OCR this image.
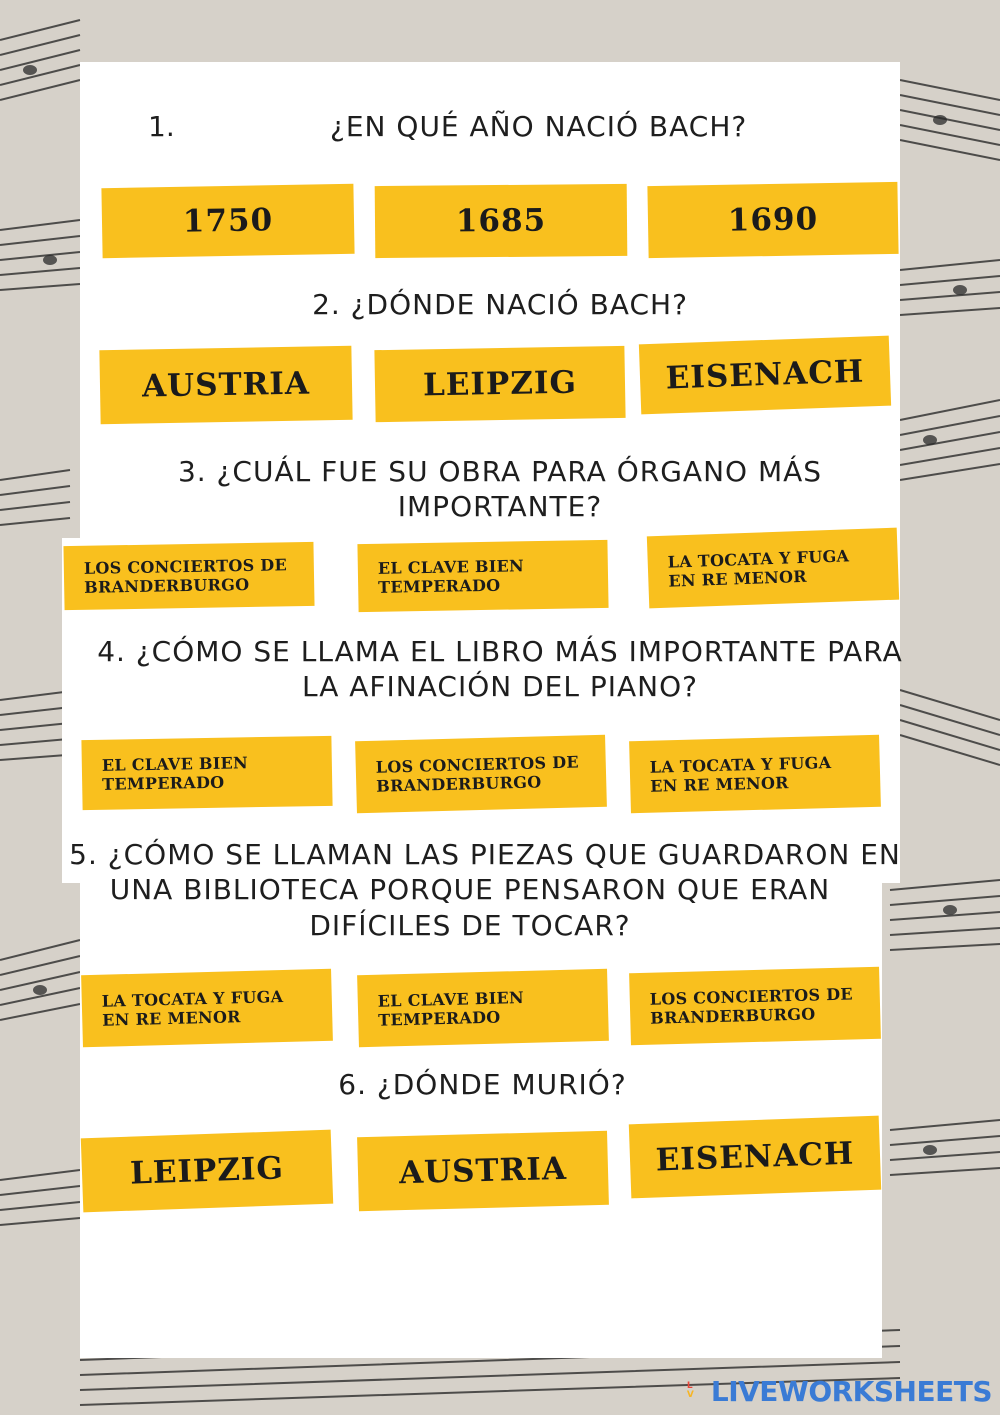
1.	¿EN QUÉ AÑO NACIÓ BACH?
1750	1685	1690
2. ¿DÓNDE NACIÓ BACH?
AUSTRIA	LEIPZIG	EISENACH
3. ¿CUÁL FUE SU OBRA PARA ÓRGANO MÁS
IMPORTANTE?
LOS CONCIERTOS DE
BRANDERBURGO
EL CLAVE BIEN
TEMPERADO
LA TOCATA Y FUGA
EN RE MENOR
4. ¿CÓMO SE LLAMA EL LIBRO MÁS IMPORTANTE PARA
LA AFINACIÓN DEL PIANO?
EL CLAVE BIEN
TEMPERADO
LOS CONCIERTOS DE
BRANDERBURGO
LA TOCATA Y FUGA
EN RE MENOR
5. ¿CÓMO SE LLAMAN LAS PIEZAS QUE GUARDARON EN
UNA BIBLIOTECA PORQUE PENSARON QUE ERAN
DIFÍCILES DE TOCAR?
LA TOCATA Y FUGA
EN RE MENOR
EL CLAVE BIEN
TEMPERADO
LOS CONCIERTOS DE
BRANDERBURGO
6. ¿DÓNDE MURIÓ?
LEIPZIG	AUSTRIA	EISENACH
L
V LIVEWORKSHEETS
